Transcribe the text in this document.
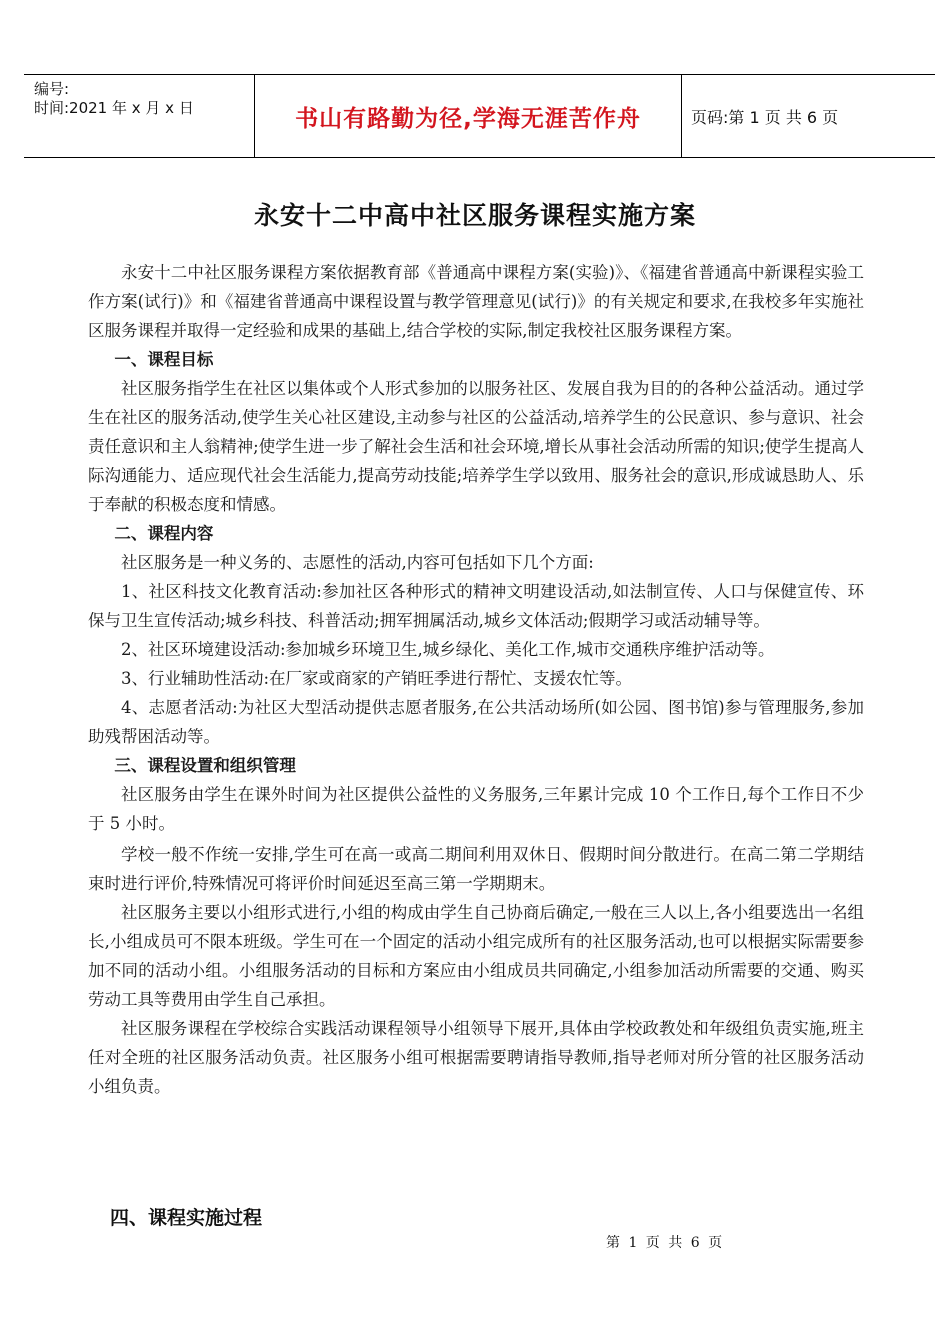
编号:
时间:2021 年 x 月 x 日	书山有路勤为径,学海无涯苦作舟	页码:第 1 页 共 6 页
永安十二中高中社区服务课程实施方案

永安十二中社区服务课程方案依据教育部《普通高中课程方案(实验)》、《福建省普通高中新课程实验工作方案(试行)》和《福建省普通高中课程设置与教学管理意见(试行)》的有关规定和要求,在我校多年实施社区服务课程并取得一定经验和成果的基础上,结合学校的实际,制定我校社区服务课程方案。

一、课程目标

社区服务指学生在社区以集体或个人形式参加的以服务社区、发展自我为目的的各种公益活动。通过学生在社区的服务活动,使学生关心社区建设,主动参与社区的公益活动,培养学生的公民意识、参与意识、社会责任意识和主人翁精神;使学生进一步了解社会生活和社会环境,增长从事社会活动所需的知识;使学生提高人际沟通能力、适应现代社会生活能力,提高劳动技能;培养学生学以致用、服务社会的意识,形成诚恳助人、乐于奉献的积极态度和情感。

二、课程内容

社区服务是一种义务的、志愿性的活动,内容可包括如下几个方面:

1、社区科技文化教育活动:参加社区各种形式的精神文明建设活动,如法制宣传、人口与保健宣传、环保与卫生宣传活动;城乡科技、科普活动;拥军拥属活动,城乡文体活动;假期学习或活动辅导等。

2、社区环境建设活动:参加城乡环境卫生,城乡绿化、美化工作,城市交通秩序维护活动等。

3、行业辅助性活动:在厂家或商家的产销旺季进行帮忙、支援农忙等。

4、志愿者活动:为社区大型活动提供志愿者服务,在公共活动场所(如公园、图书馆)参与管理服务,参加助残帮困活动等。

三、课程设置和组织管理

社区服务由学生在课外时间为社区提供公益性的义务服务,三年累计完成 10 个工作日,每个工作日不少于 5 小时。

学校一般不作统一安排,学生可在高一或高二期间利用双休日、假期时间分散进行。在高二第二学期结束时进行评价,特殊情况可将评价时间延迟至高三第一学期期末。

社区服务主要以小组形式进行,小组的构成由学生自己协商后确定,一般在三人以上,各小组要选出一名组长,小组成员可不限本班级。学生可在一个固定的活动小组完成所有的社区服务活动,也可以根据实际需要参加不同的活动小组。小组服务活动的目标和方案应由小组成员共同确定,小组参加活动所需要的交通、购买劳动工具等费用由学生自己承担。

社区服务课程在学校综合实践活动课程领导小组领导下展开,具体由学校政教处和年级组负责实施,班主任对全班的社区服务活动负责。社区服务小组可根据需要聘请指导教师,指导老师对所分管的社区服务活动小组负责。

四、课程实施过程
第 1 页 共 6 页
